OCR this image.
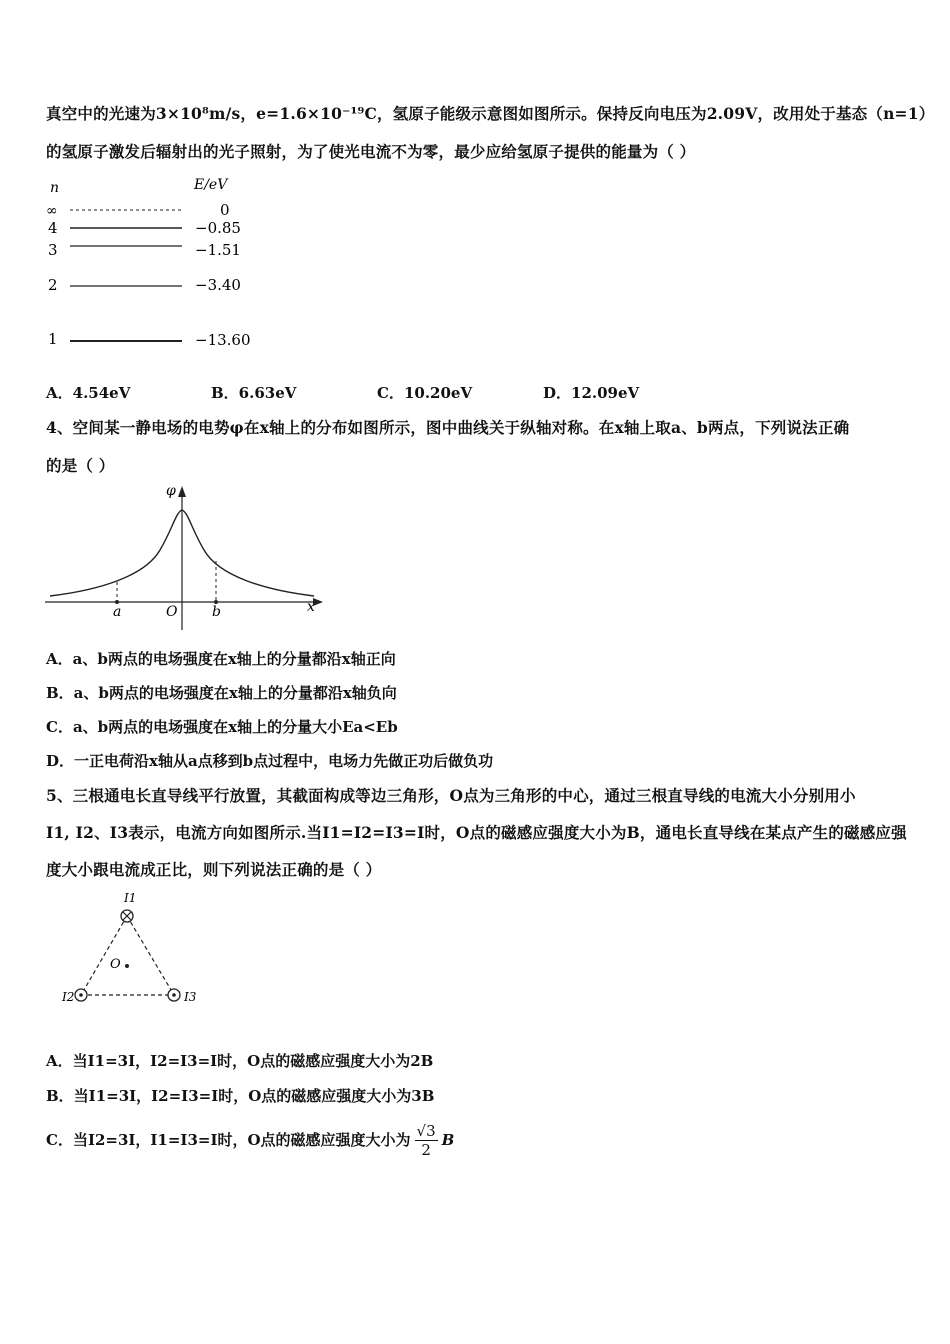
真空中的光速为3×10⁸m/s，e=1.6×10⁻¹⁹C，氢原子能级示意图如图所示。保持反向电压为2.09V，改用处于基态（n=1）
的氢原子激发后辐射出的光子照射，为了使光电流不为零，最少应给氢原子提供的能量为（ ）
n	E/eV
∞	0
4	−0.85
3	−1.51
2	−3.40
1	−13.60
A．4.54eV	B．6.63eV	C．10.20eV	D．12.09eV
4、空间某一静电场的电势φ在x轴上的分布如图所示，图中曲线关于纵轴对称。在x轴上取a、b两点，下列说法正确
的是（ ）
φ
x
O
a	b
A．a、b两点的电场强度在x轴上的分量都沿x轴正向
B．a、b两点的电场强度在x轴上的分量都沿x轴负向
C．a、b两点的电场强度在x轴上的分量大小Ea<Eb
D．一正电荷沿x轴从a点移到b点过程中，电场力先做正功后做负功
5、三根通电长直导线平行放置，其截面构成等边三角形，O点为三角形的中心，通过三根直导线的电流大小分别用小
I1, I2、I3表示，电流方向如图所示.当I1=I2=I3=I时，O点的磁感应强度大小为B，通电长直导线在某点产生的磁感应强
度大小跟电流成正比，则下列说法正确的是（ ）
I1
I2	I3
O
A．当I1=3I，I2=I3=I时，O点的磁感应强度大小为2B
B．当I1=3I，I2=I3=I时，O点的磁感应强度大小为3B
C．当I2=3I，I1=I3=I时，O点的磁感应强度大小为 $\frac{√3}{2}$ B
